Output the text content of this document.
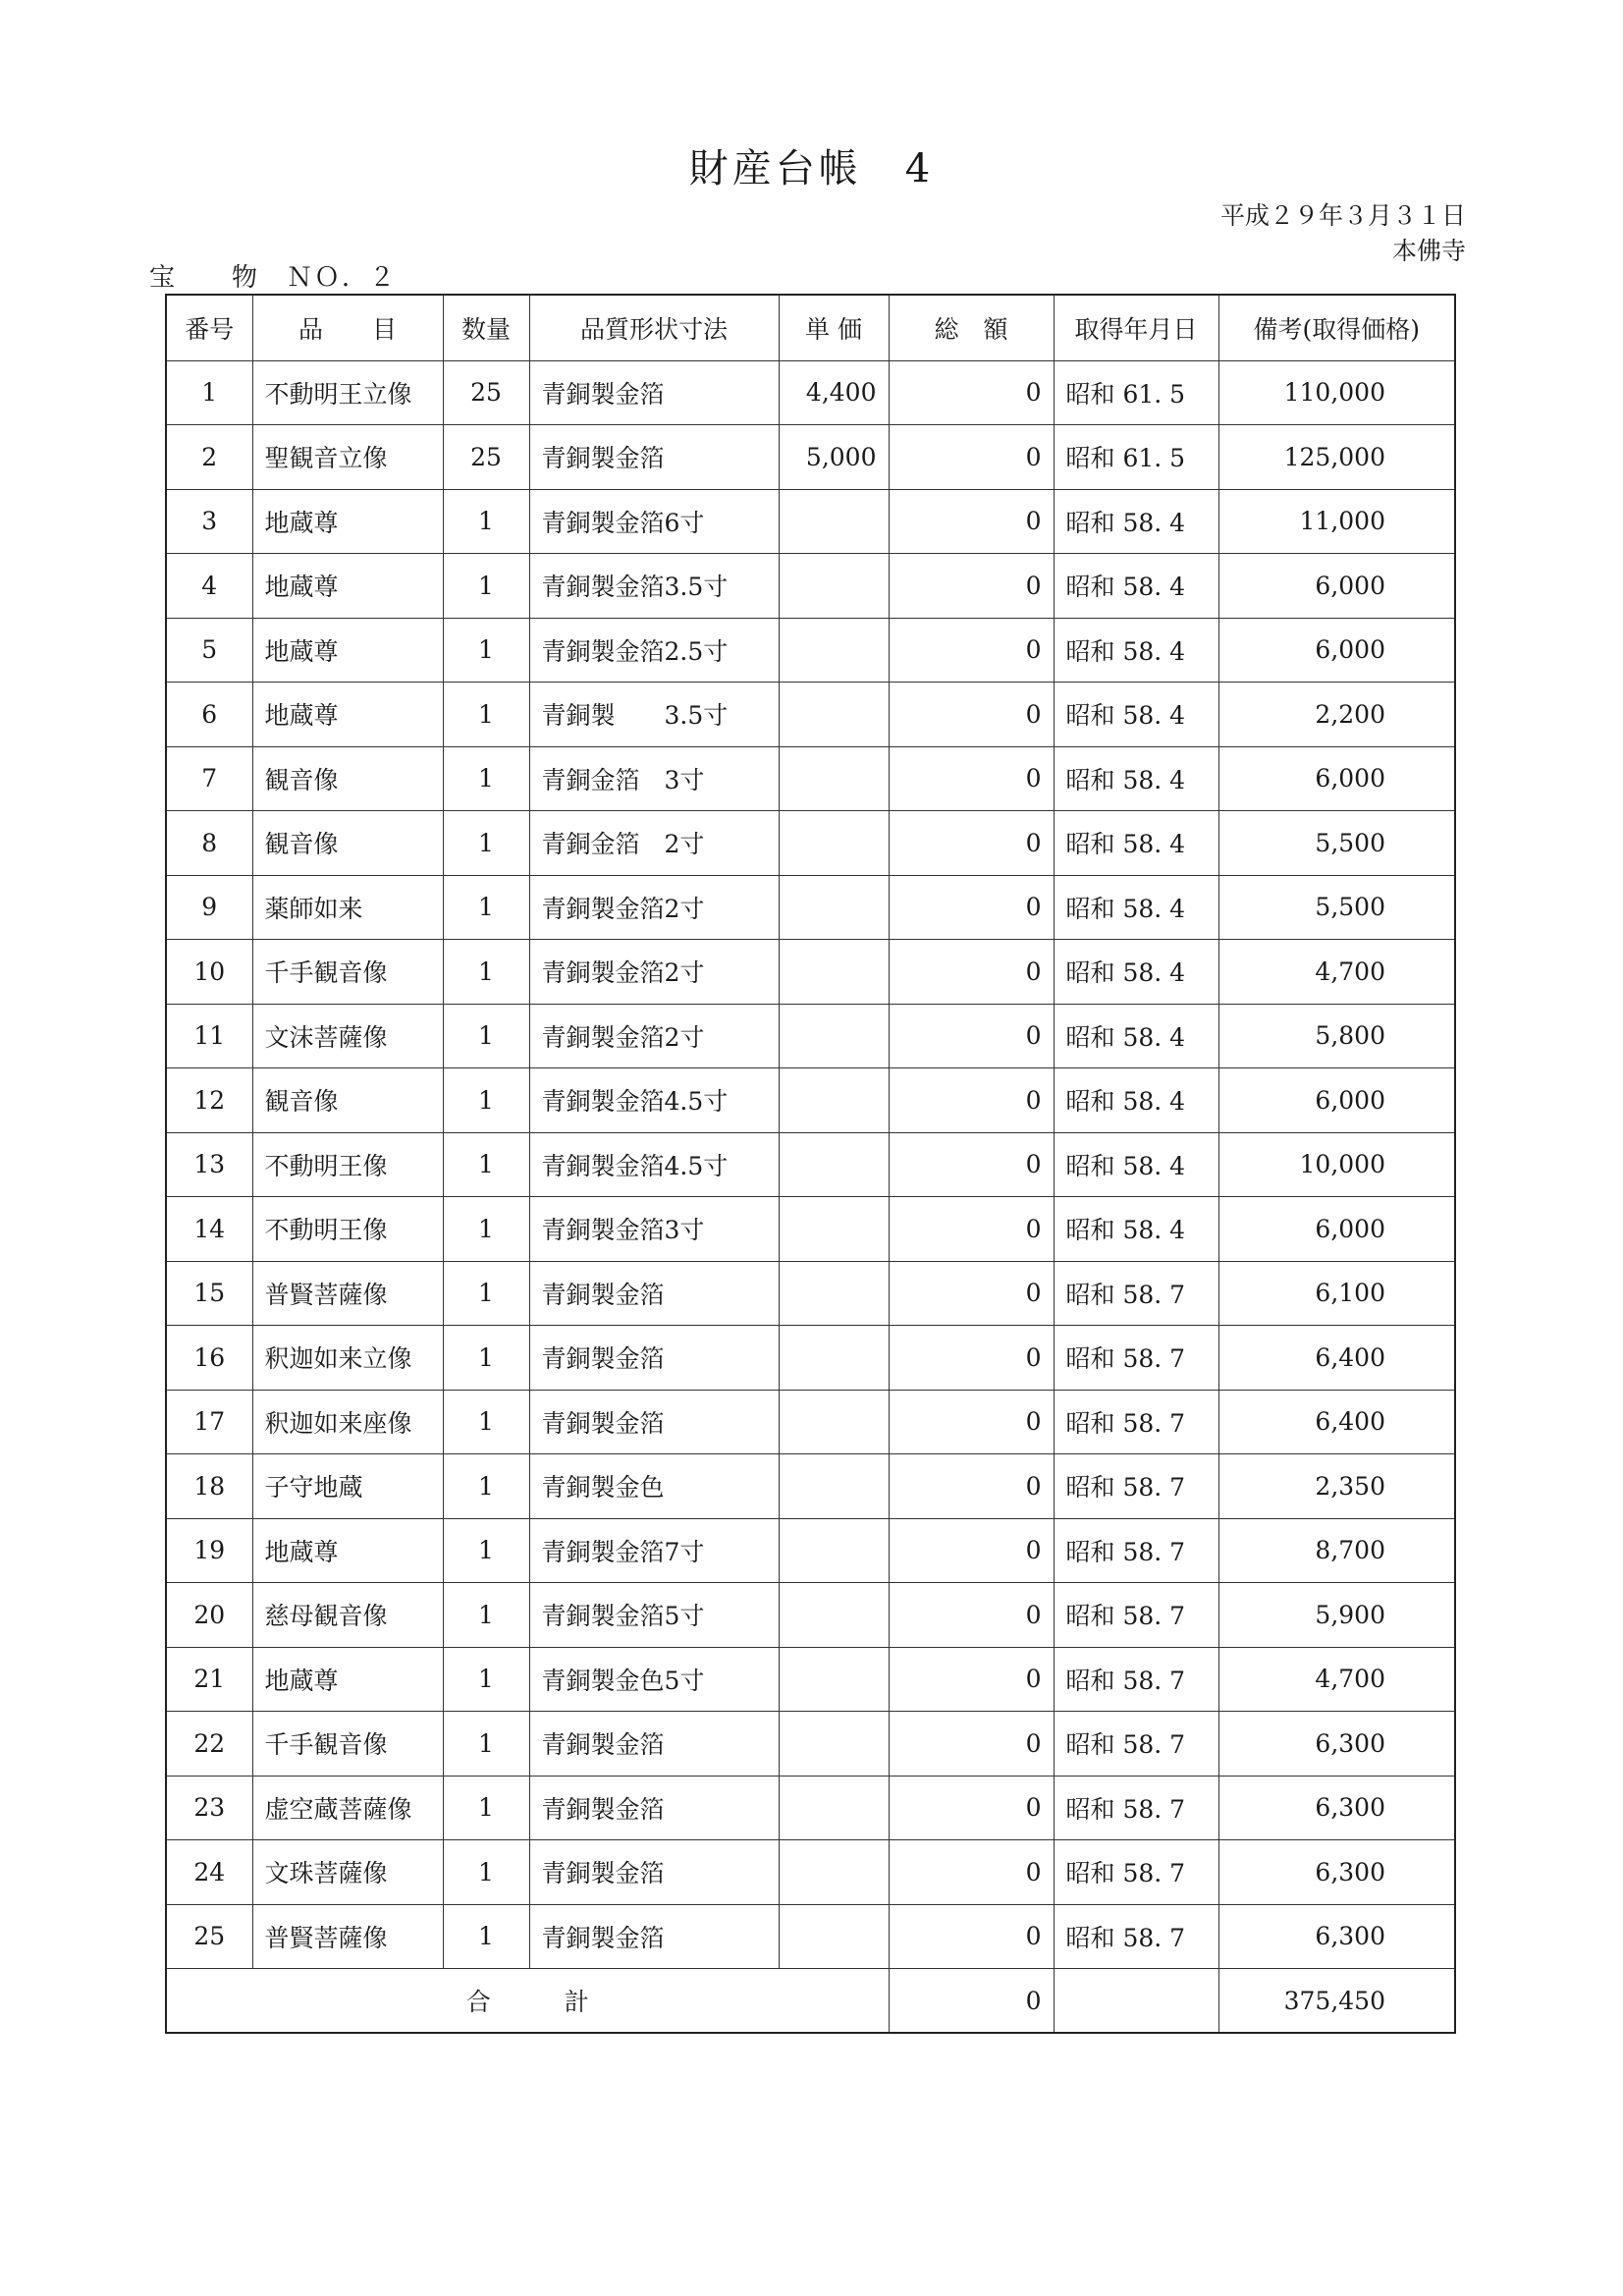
財産台帳　4
平成２９年３月３１日
本佛寺
宝　　物　ＮＯ．２
番号	品　　目	数量	品質形状寸法	単 価	総　額	取得年月日	備考(取得価格)
1	不動明王立像	25	青銅製金箔	4,400	0	昭和 61. 5	110,000
2	聖観音立像	25	青銅製金箔	5,000	0	昭和 61. 5	125,000
3	地蔵尊	1	青銅製金箔6寸		0	昭和 58. 4	11,000
4	地蔵尊	1	青銅製金箔3.5寸		0	昭和 58. 4	6,000
5	地蔵尊	1	青銅製金箔2.5寸		0	昭和 58. 4	6,000
6	地蔵尊	1	青銅製　　3.5寸		0	昭和 58. 4	2,200
7	観音像	1	青銅金箔　3寸		0	昭和 58. 4	6,000
8	観音像	1	青銅金箔　2寸		0	昭和 58. 4	5,500
9	薬師如来	1	青銅製金箔2寸		0	昭和 58. 4	5,500
10	千手観音像	1	青銅製金箔2寸		0	昭和 58. 4	4,700
11	文沫菩薩像	1	青銅製金箔2寸		0	昭和 58. 4	5,800
12	観音像	1	青銅製金箔4.5寸		0	昭和 58. 4	6,000
13	不動明王像	1	青銅製金箔4.5寸		0	昭和 58. 4	10,000
14	不動明王像	1	青銅製金箔3寸		0	昭和 58. 4	6,000
15	普賢菩薩像	1	青銅製金箔		0	昭和 58. 7	6,100
16	釈迦如来立像	1	青銅製金箔		0	昭和 58. 7	6,400
17	釈迦如来座像	1	青銅製金箔		0	昭和 58. 7	6,400
18	子守地蔵	1	青銅製金色		0	昭和 58. 7	2,350
19	地蔵尊	1	青銅製金箔7寸		0	昭和 58. 7	8,700
20	慈母観音像	1	青銅製金箔5寸		0	昭和 58. 7	5,900
21	地蔵尊	1	青銅製金色5寸		0	昭和 58. 7	4,700
22	千手観音像	1	青銅製金箔		0	昭和 58. 7	6,300
23	虚空蔵菩薩像	1	青銅製金箔		0	昭和 58. 7	6,300
24	文珠菩薩像	1	青銅製金箔		0	昭和 58. 7	6,300
25	普賢菩薩像	1	青銅製金箔		0	昭和 58. 7	6,300
合　　　計					0		375,450
